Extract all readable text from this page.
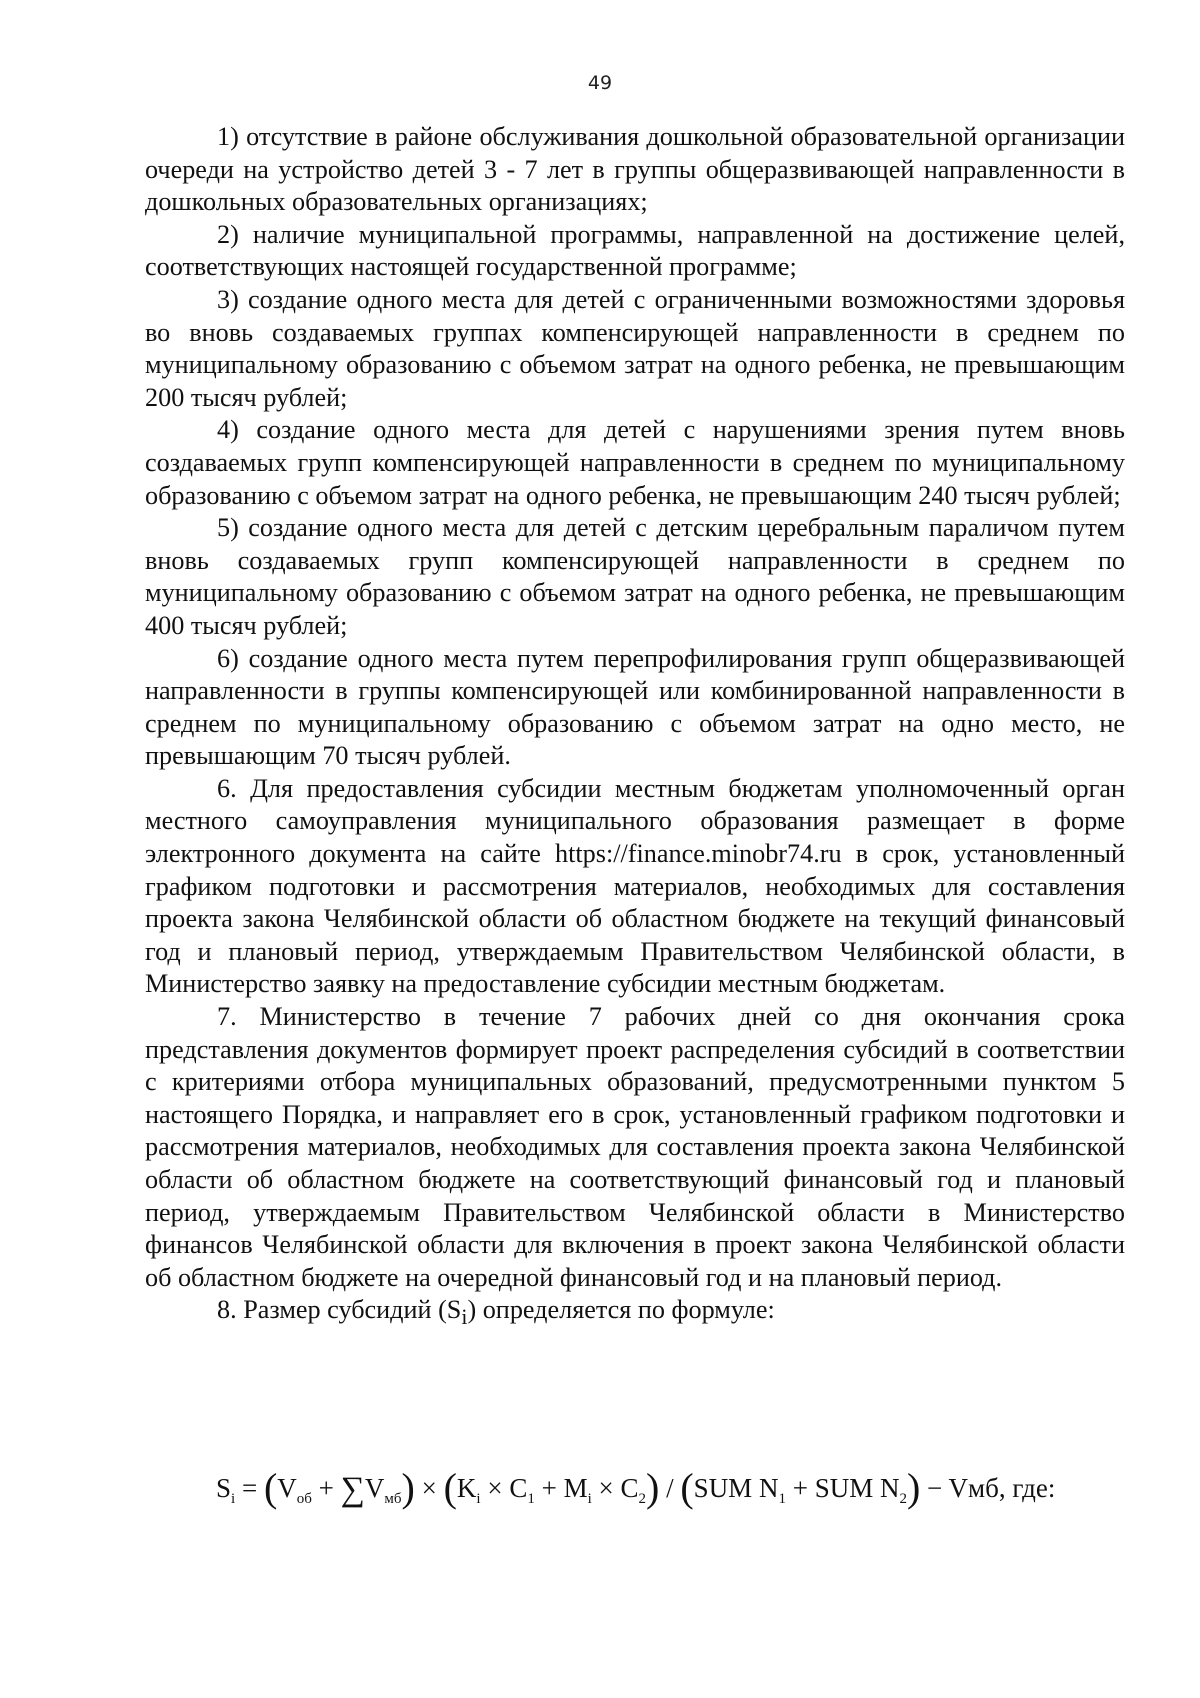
49

1) отсутствие в районе обслуживания дошкольной образовательной организации очереди на устройство детей 3 - 7 лет в группы общеразвивающей направленности в дошкольных образовательных организациях;

2) наличие муниципальной программы, направленной на достижение целей, соответствующих настоящей государственной программе;

3) создание одного места для детей с ограниченными возможностями здоровья во вновь создаваемых группах компенсирующей направленности в среднем по муниципальному образованию с объемом затрат на одного ребенка, не превышающим 200 тысяч рублей;

4) создание одного места для детей с нарушениями зрения путем вновь создаваемых групп компенсирующей направленности в среднем по муниципальному образованию с объемом затрат на одного ребенка, не превышающим 240 тысяч рублей;

5) создание одного места для детей с детским церебральным параличом путем вновь создаваемых групп компенсирующей направленности в среднем по муниципальному образованию с объемом затрат на одного ребенка, не превышающим 400 тысяч рублей;

6) создание одного места путем перепрофилирования групп общеразвивающей направленности в группы компенсирующей или комбинированной направленности в среднем по муниципальному образованию с объемом затрат на одно место, не превышающим 70 тысяч рублей.

6. Для предоставления субсидии местным бюджетам уполномоченный орган местного самоуправления муниципального образования размещает в форме электронного документа на сайте https://finance.minobr74.ru в срок, установленный графиком подготовки и рассмотрения материалов, необходимых для составления проекта закона Челябинской области об областном бюджете на текущий финансовый год и плановый период, утверждаемым Правительством Челябинской области, в Министерство заявку на предоставление субсидии местным бюджетам.

7. Министерство в течение 7 рабочих дней со дня окончания срока представления документов формирует проект распределения субсидий в соответствии с критериями отбора муниципальных образований, предусмотренными пунктом 5 настоящего Порядка, и направляет его в срок, установленный графиком подготовки и рассмотрения материалов, необходимых для составления проекта закона Челябинской области об областном бюджете на соответствующий финансовый год и плановый период, утверждаемым Правительством Челябинской области в Министерство финансов Челябинской области для включения в проект закона Челябинской области об областном бюджете на очередной финансовый год и на плановый период.

8. Размер субсидий $(S_i)$ определяется по формуле:

$S_i = (V_{об} + \sum V_{мб}) \times (K_i \times C_1 + M_i \times C_2) / (SUM$ $N_1$ + SUM $N_2$) − Vмб, где:
